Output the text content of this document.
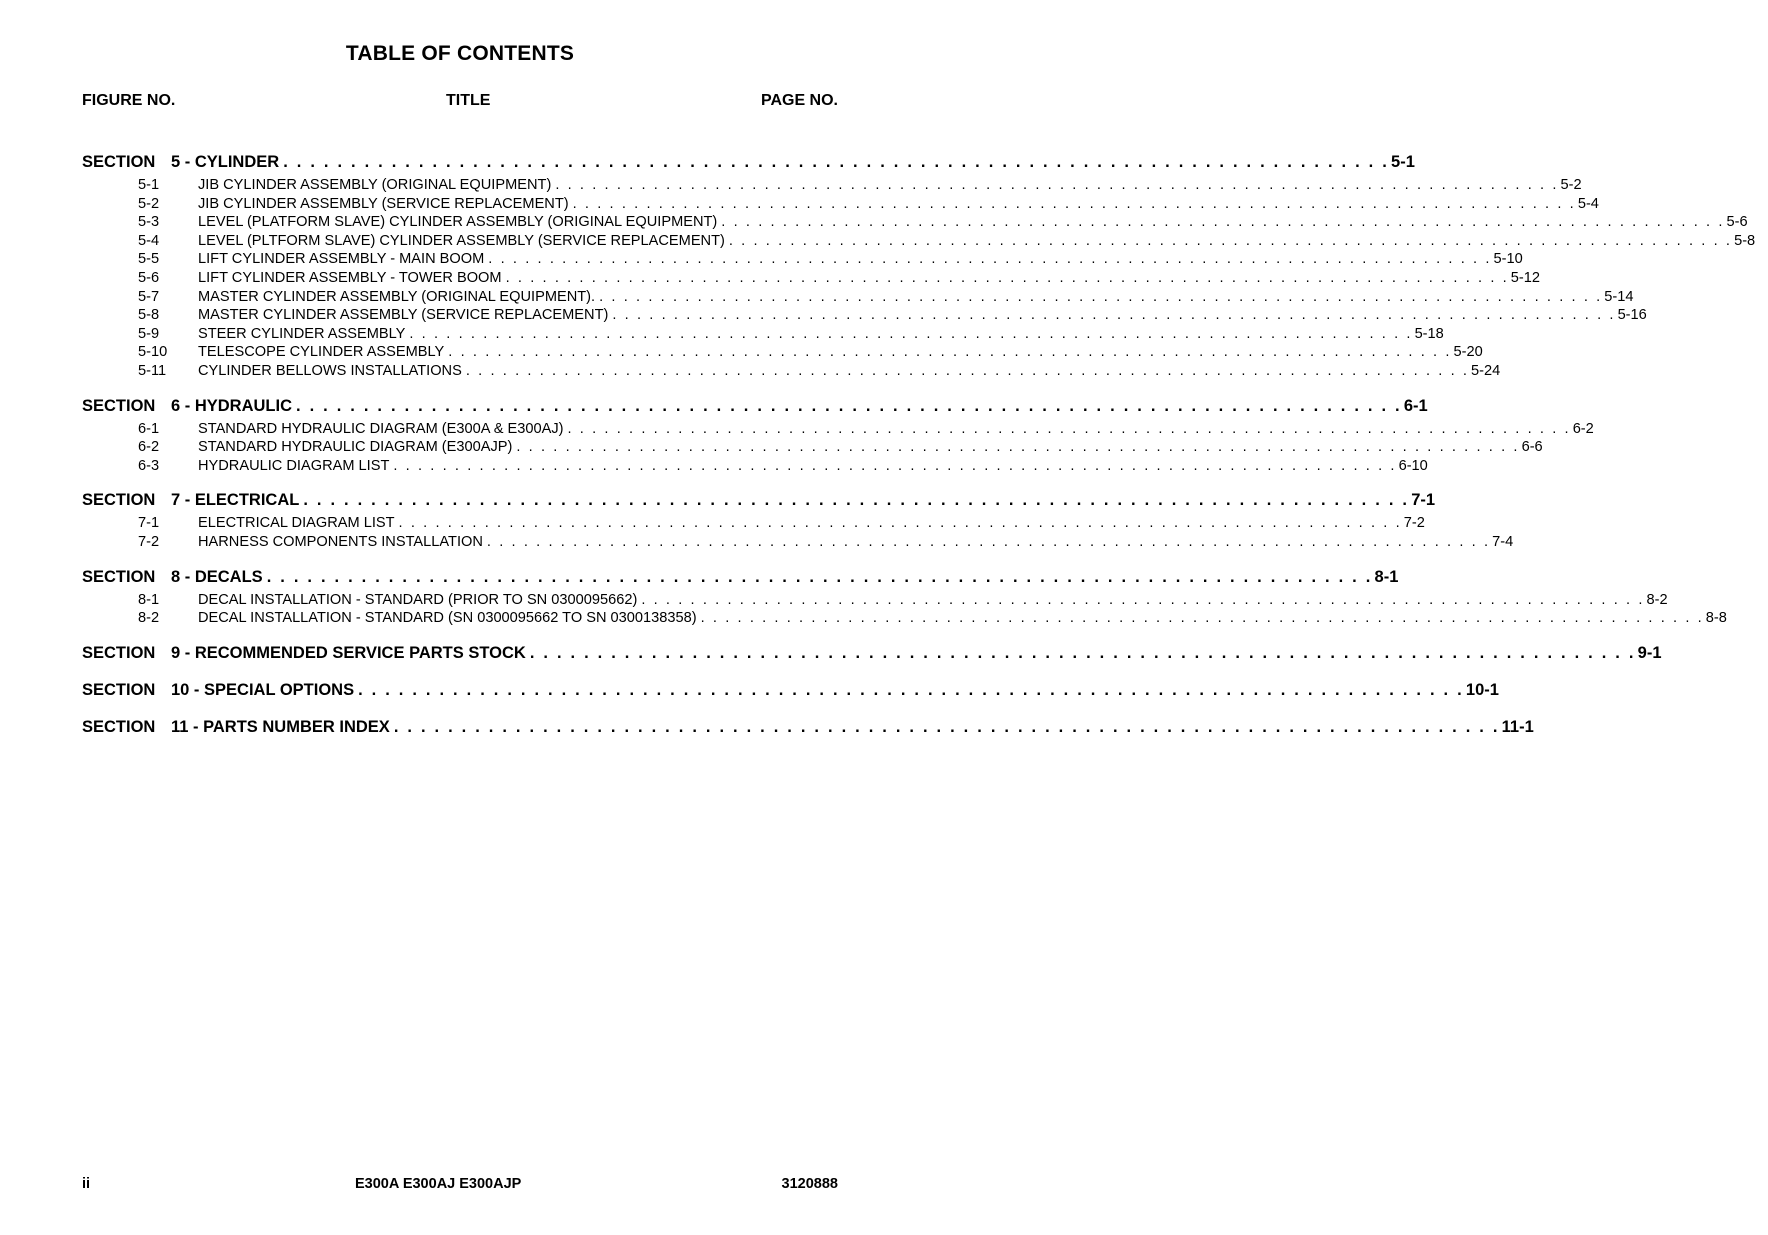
TABLE OF CONTENTS
FIGURE NO.	TITLE	PAGE NO.
SECTION 5 - CYLINDER . . . . . . . . . . . . . . . . . . . . . . . . . . . . . . . . . . . . . . . . . . . . . . . . . . . . . . . . . . . . . . . . . . . . . . . . . . . . . . . . . . 5-1
5-1	JIB CYLINDER ASSEMBLY (ORIGINAL EQUIPMENT) . . . . . . . . . . . . . . . . . . . . . . . . . . . . . . . . . . . . . . . . . . . . . . . . . . . . . . . . . . . . . . . . . . . . . . . . . . . . . . . . . . 5-2
5-2	JIB CYLINDER ASSEMBLY (SERVICE REPLACEMENT) . . . . . . . . . . . . . . . . . . . . . . . . . . . . . . . . . . . . . . . . . . . . . . . . . . . . . . . . . . . . . . . . . . . . . . . . . . . . . . . . . . 5-4
5-3	LEVEL (PLATFORM SLAVE) CYLINDER ASSEMBLY (ORIGINAL EQUIPMENT) . . . . . . . . . . . . . . . . . . . . . . . . . . . . . . . . . . . . . . . . . . . . . . . . . . . . . . . . . . . . . . . . . . . . . . . . . . . . . . . . . . 5-6
5-4	LEVEL (PLTFORM SLAVE) CYLINDER ASSEMBLY (SERVICE REPLACEMENT) . . . . . . . . . . . . . . . . . . . . . . . . . . . . . . . . . . . . . . . . . . . . . . . . . . . . . . . . . . . . . . . . . . . . . . . . . . . . . . . . . . 5-8
5-5	LIFT CYLINDER ASSEMBLY - MAIN BOOM . . . . . . . . . . . . . . . . . . . . . . . . . . . . . . . . . . . . . . . . . . . . . . . . . . . . . . . . . . . . . . . . . . . . . . . . . . . . . . . . . . 5-10
5-6	LIFT CYLINDER ASSEMBLY - TOWER BOOM . . . . . . . . . . . . . . . . . . . . . . . . . . . . . . . . . . . . . . . . . . . . . . . . . . . . . . . . . . . . . . . . . . . . . . . . . . . . . . . . . . 5-12
5-7	MASTER CYLINDER ASSEMBLY (ORIGINAL EQUIPMENT). . . . . . . . . . . . . . . . . . . . . . . . . . . . . . . . . . . . . . . . . . . . . . . . . . . . . . . . . . . . . . . . . . . . . . . . . . . . . . . . . . . 5-14
5-8	MASTER CYLINDER ASSEMBLY (SERVICE REPLACEMENT) . . . . . . . . . . . . . . . . . . . . . . . . . . . . . . . . . . . . . . . . . . . . . . . . . . . . . . . . . . . . . . . . . . . . . . . . . . . . . . . . . . 5-16
5-9	STEER CYLINDER ASSEMBLY . . . . . . . . . . . . . . . . . . . . . . . . . . . . . . . . . . . . . . . . . . . . . . . . . . . . . . . . . . . . . . . . . . . . . . . . . . . . . . . . . . 5-18
5-10	TELESCOPE CYLINDER ASSEMBLY . . . . . . . . . . . . . . . . . . . . . . . . . . . . . . . . . . . . . . . . . . . . . . . . . . . . . . . . . . . . . . . . . . . . . . . . . . . . . . . . . . 5-20
5-11	CYLINDER BELLOWS INSTALLATIONS . . . . . . . . . . . . . . . . . . . . . . . . . . . . . . . . . . . . . . . . . . . . . . . . . . . . . . . . . . . . . . . . . . . . . . . . . . . . . . . . . . 5-24
SECTION 6 - HYDRAULIC . . . . . . . . . . . . . . . . . . . . . . . . . . . . . . . . . . . . . . . . . . . . . . . . . . . . . . . . . . . . . . . . . . . . . . . . . . . . . . . . . . 6-1
6-1	STANDARD HYDRAULIC DIAGRAM (E300A & E300AJ) . . . . . . . . . . . . . . . . . . . . . . . . . . . . . . . . . . . . . . . . . . . . . . . . . . . . . . . . . . . . . . . . . . . . . . . . . . . . . . . . . . 6-2
6-2	STANDARD HYDRAULIC DIAGRAM (E300AJP) . . . . . . . . . . . . . . . . . . . . . . . . . . . . . . . . . . . . . . . . . . . . . . . . . . . . . . . . . . . . . . . . . . . . . . . . . . . . . . . . . . 6-6
6-3	HYDRAULIC DIAGRAM LIST . . . . . . . . . . . . . . . . . . . . . . . . . . . . . . . . . . . . . . . . . . . . . . . . . . . . . . . . . . . . . . . . . . . . . . . . . . . . . . . . . . 6-10
SECTION 7 - ELECTRICAL . . . . . . . . . . . . . . . . . . . . . . . . . . . . . . . . . . . . . . . . . . . . . . . . . . . . . . . . . . . . . . . . . . . . . . . . . . . . . . . . . . 7-1
7-1	ELECTRICAL DIAGRAM LIST . . . . . . . . . . . . . . . . . . . . . . . . . . . . . . . . . . . . . . . . . . . . . . . . . . . . . . . . . . . . . . . . . . . . . . . . . . . . . . . . . . 7-2
7-2	HARNESS COMPONENTS INSTALLATION . . . . . . . . . . . . . . . . . . . . . . . . . . . . . . . . . . . . . . . . . . . . . . . . . . . . . . . . . . . . . . . . . . . . . . . . . . . . . . . . . . 7-4
SECTION 8 - DECALS . . . . . . . . . . . . . . . . . . . . . . . . . . . . . . . . . . . . . . . . . . . . . . . . . . . . . . . . . . . . . . . . . . . . . . . . . . . . . . . . . . 8-1
8-1	DECAL INSTALLATION - STANDARD (PRIOR TO SN 0300095662) . . . . . . . . . . . . . . . . . . . . . . . . . . . . . . . . . . . . . . . . . . . . . . . . . . . . . . . . . . . . . . . . . . . . . . . . . . . . . . . . . . 8-2
8-2	DECAL INSTALLATION - STANDARD (SN 0300095662 TO SN 0300138358) . . . . . . . . . . . . . . . . . . . . . . . . . . . . . . . . . . . . . . . . . . . . . . . . . . . . . . . . . . . . . . . . . . . . . . . . . . . . . . . . . . 8-8
SECTION 9 - RECOMMENDED SERVICE PARTS STOCK . . . . . . . . . . . . . . . . . . . . . . . . . . . . . . . . . . . . . . . . . . . . . . . . . . . . . . . . . . . . . . . . . . . . . . . . . . . . . . . . . . 9-1
SECTION 10 - SPECIAL OPTIONS . . . . . . . . . . . . . . . . . . . . . . . . . . . . . . . . . . . . . . . . . . . . . . . . . . . . . . . . . . . . . . . . . . . . . . . . . . . . . . . . . . 10-1
SECTION 11 - PARTS NUMBER INDEX . . . . . . . . . . . . . . . . . . . . . . . . . . . . . . . . . . . . . . . . . . . . . . . . . . . . . . . . . . . . . . . . . . . . . . . . . . . . . . . . . . 11-1
ii	E300A E300AJ E300AJP	3120888
